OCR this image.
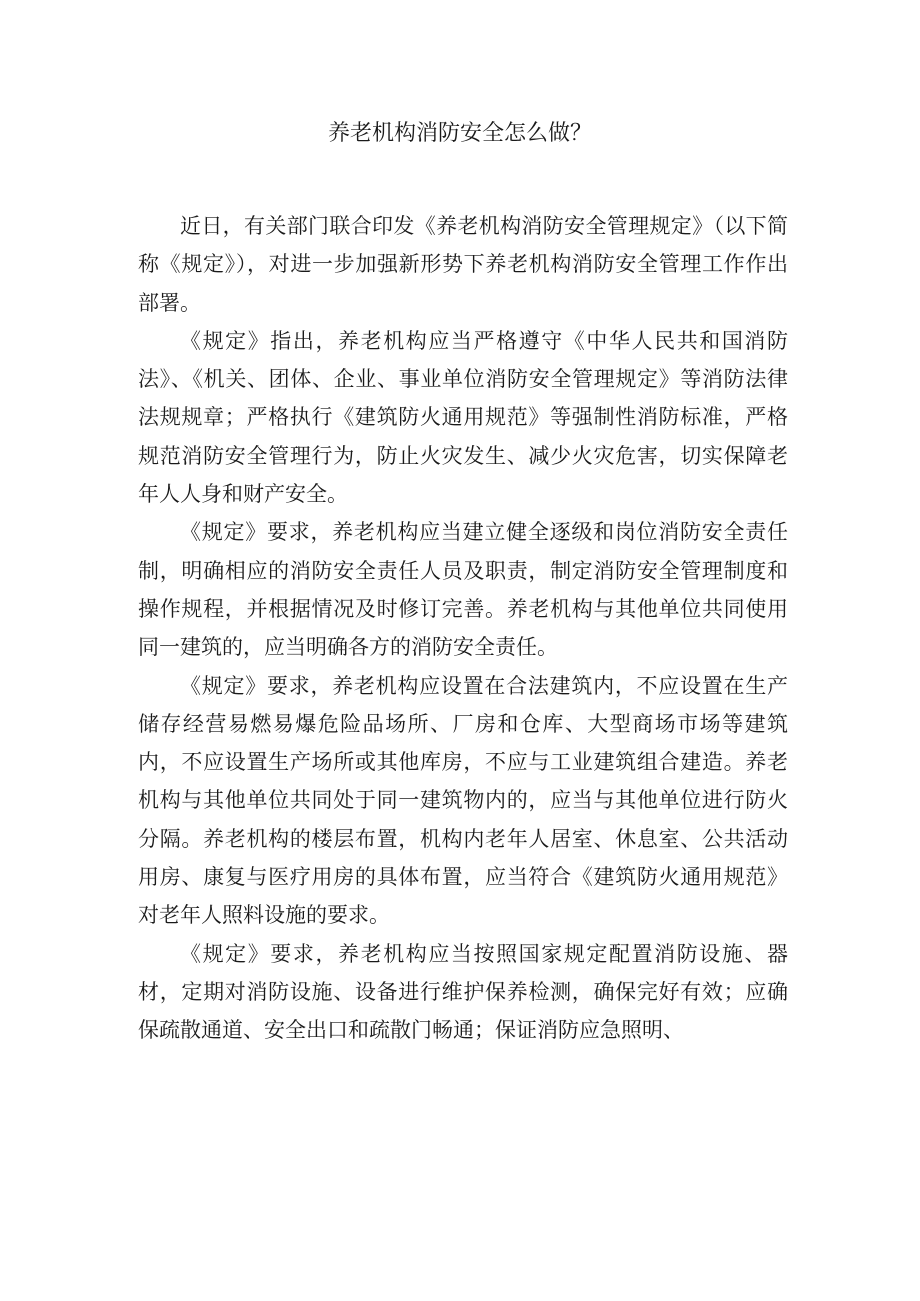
养老机构消防安全怎么做？

近日，有关部门联合印发《养老机构消防安全管理规定》（以下简称《规定》），对进一步加强新形势下养老机构消防安全管理工作作出部署。

《规定》指出，养老机构应当严格遵守《中华人民共和国消防法》、《机关、团体、企业、事业单位消防安全管理规定》等消防法律法规规章；严格执行《建筑防火通用规范》等强制性消防标准，严格规范消防安全管理行为，防止火灾发生、减少火灾危害，切实保障老年人人身和财产安全。

《规定》要求，养老机构应当建立健全逐级和岗位消防安全责任制，明确相应的消防安全责任人员及职责，制定消防安全管理制度和操作规程，并根据情况及时修订完善。养老机构与其他单位共同使用同一建筑的，应当明确各方的消防安全责任。

《规定》要求，养老机构应设置在合法建筑内，不应设置在生产储存经营易燃易爆危险品场所、厂房和仓库、大型商场市场等建筑内，不应设置生产场所或其他库房，不应与工业建筑组合建造。养老机构与其他单位共同处于同一建筑物内的，应当与其他单位进行防火分隔。养老机构的楼层布置，机构内老年人居室、休息室、公共活动用房、康复与医疗用房的具体布置，应当符合《建筑防火通用规范》对老年人照料设施的要求。

《规定》要求，养老机构应当按照国家规定配置消防设施、器材，定期对消防设施、设备进行维护保养检测，确保完好有效；应确保疏散通道、安全出口和疏散门畅通；保证消防应急照明、
